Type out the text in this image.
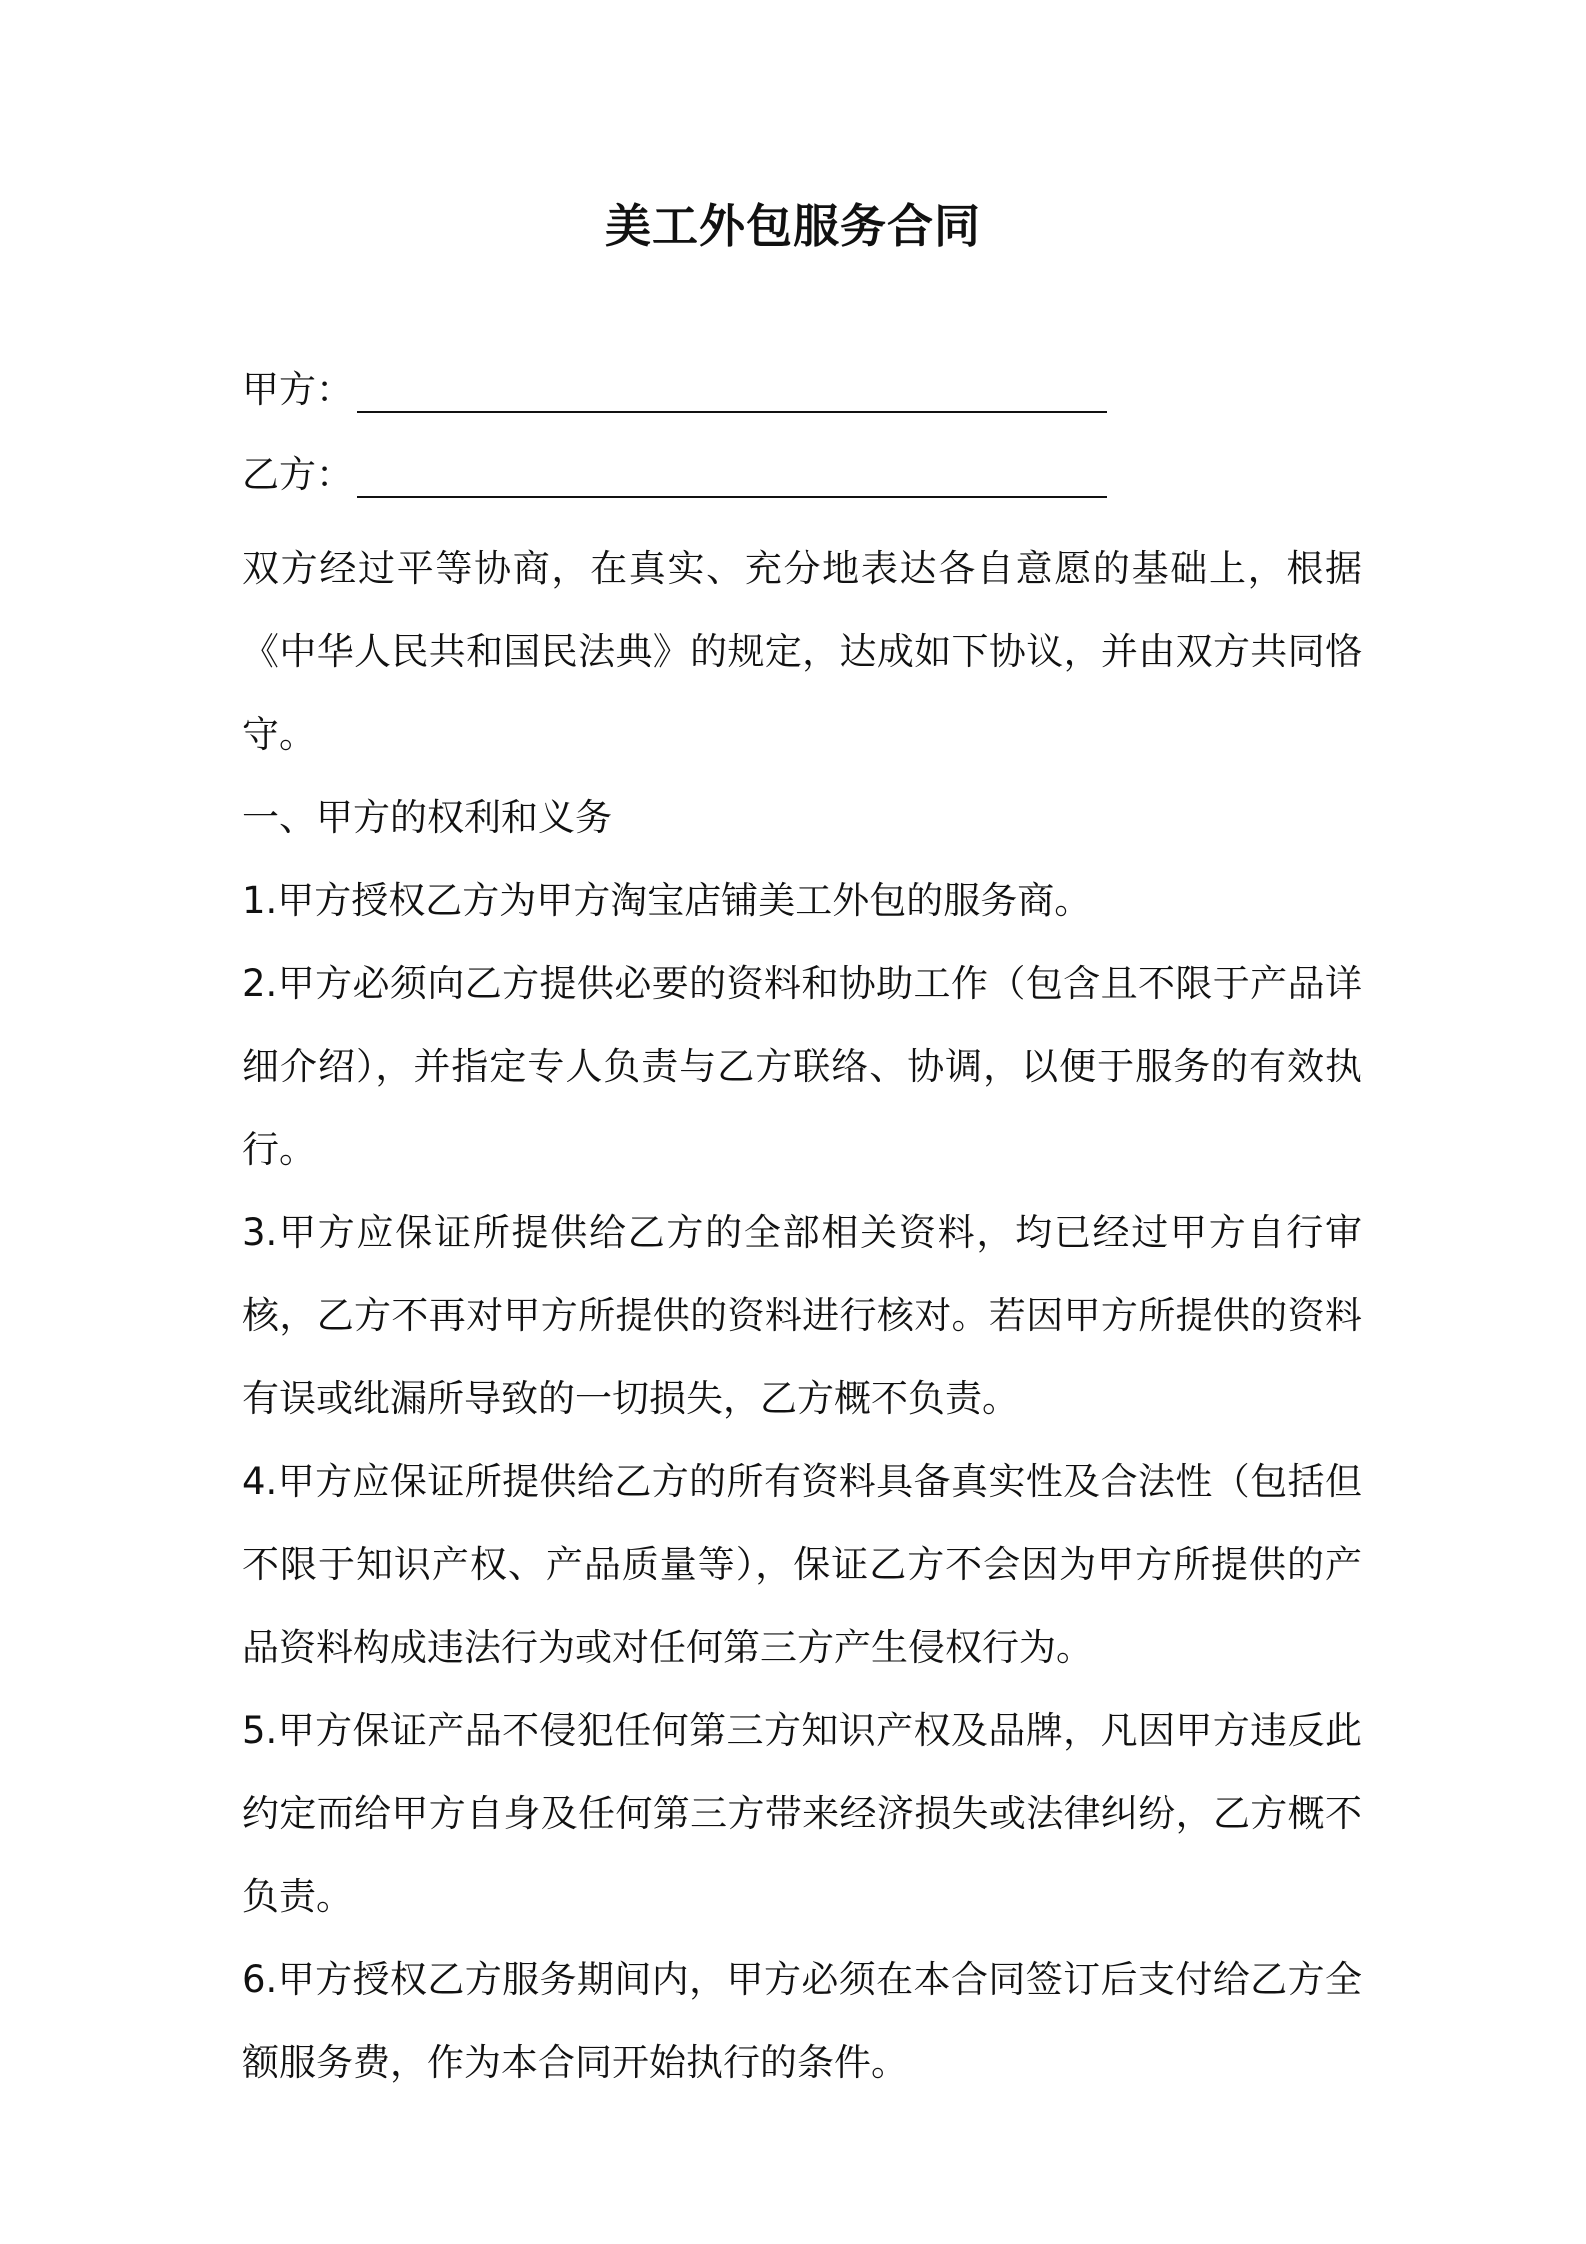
美工外包服务合同
甲方：
乙方：

双方经过平等协商，在真实、充分地表达各自意愿的基础上，根据《中华人民共和国民法典》的规定，达成如下协议，并由双方共同恪守。

一、甲方的权利和义务

1.甲方授权乙方为甲方淘宝店铺美工外包的服务商。

2.甲方必须向乙方提供必要的资料和协助工作（包含且不限于产品详细介绍），并指定专人负责与乙方联络、协调，以便于服务的有效执行。

3.甲方应保证所提供给乙方的全部相关资料，均已经过甲方自行审核，乙方不再对甲方所提供的资料进行核对。若因甲方所提供的资料有误或纰漏所导致的一切损失，乙方概不负责。

4.甲方应保证所提供给乙方的所有资料具备真实性及合法性（包括但不限于知识产权、产品质量等），保证乙方不会因为甲方所提供的产品资料构成违法行为或对任何第三方产生侵权行为。

5.甲方保证产品不侵犯任何第三方知识产权及品牌，凡因甲方违反此约定而给甲方自身及任何第三方带来经济损失或法律纠纷，乙方概不负责。

6.甲方授权乙方服务期间内，甲方必须在本合同签订后支付给乙方全额服务费，作为本合同开始执行的条件。
